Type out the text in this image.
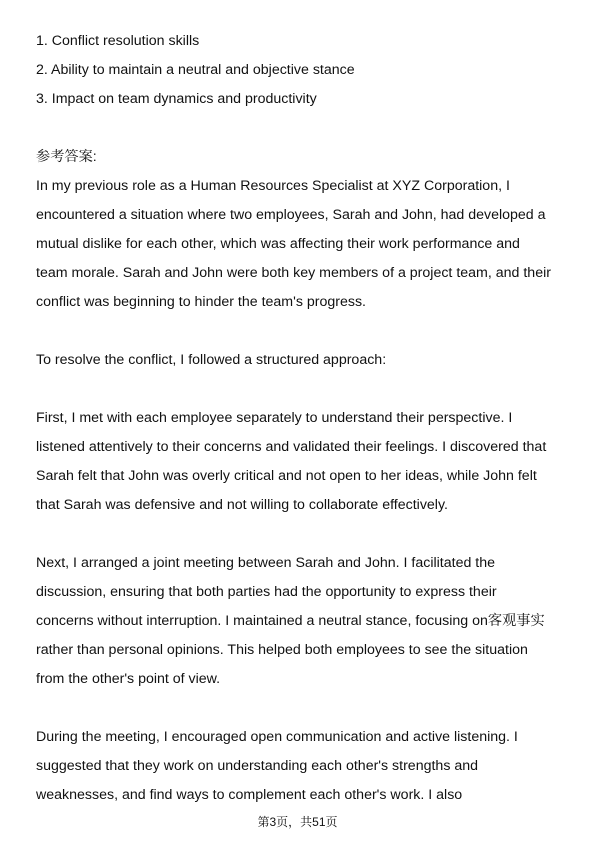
1. Conflict resolution skills
2. Ability to maintain a neutral and objective stance
3. Impact on team dynamics and productivity
参考答案:
In my previous role as a Human Resources Specialist at XYZ Corporation, I
encountered a situation where two employees, Sarah and John, had developed a
mutual dislike for each other, which was affecting their work performance and
team morale. Sarah and John were both key members of a project team, and their
conflict was beginning to hinder the team's progress.
To resolve the conflict, I followed a structured approach:
First, I met with each employee separately to understand their perspective. I
listened attentively to their concerns and validated their feelings. I discovered that
Sarah felt that John was overly critical and not open to her ideas, while John felt
that Sarah was defensive and not willing to collaborate effectively.
Next, I arranged a joint meeting between Sarah and John. I facilitated the
discussion, ensuring that both parties had the opportunity to express their
concerns without interruption. I maintained a neutral stance, focusing on客观事实
rather than personal opinions. This helped both employees to see the situation
from the other's point of view.
During the meeting, I encouraged open communication and active listening. I
suggested that they work on understanding each other's strengths and
weaknesses, and find ways to complement each other's work. I also
第3页，共51页
